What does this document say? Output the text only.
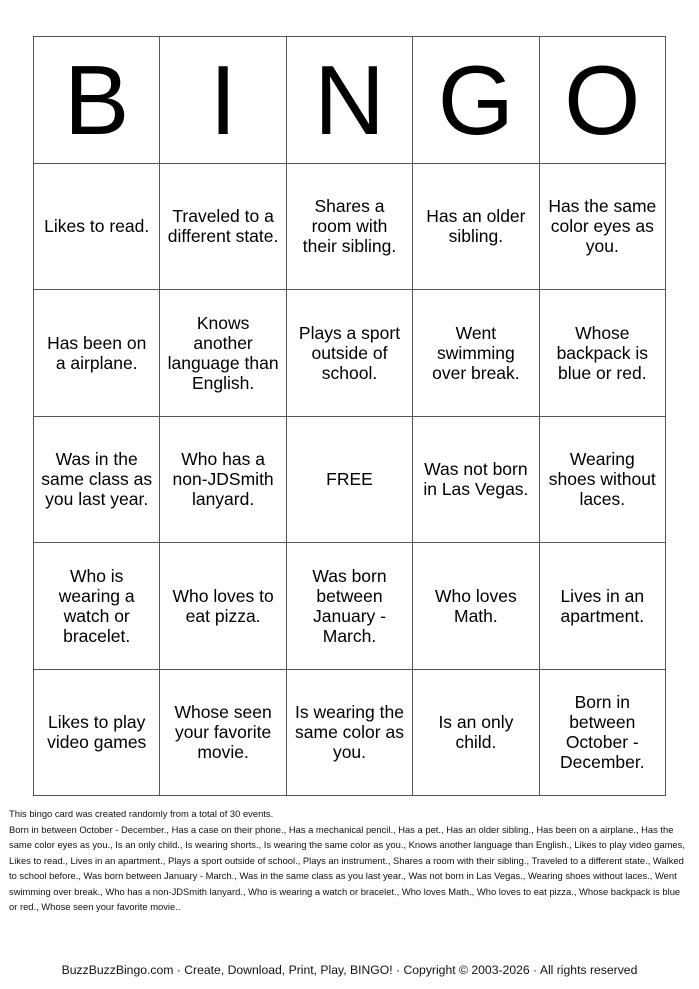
B I N G O
Likes to read.	Traveled to a different state.
Shares a room with their sibling.
Has an older sibling.
Has the same color eyes as you.
Has been on a airplane.
Knows another language than English.
Plays a sport outside of school.
Went swimming over break.
Whose backpack is blue or red.
Was in the same class as you last year.
Who has a non-JDSmith lanyard.
FREE	Was not born in Las Vegas.
Wearing shoes without laces.
Who is wearing a watch or bracelet.
Who loves to eat pizza.
Was born between January - March.
Who loves Math.
Lives in an apartment.
Likes to play video games
Whose seen your favorite movie.
Is wearing the same color as you.
Is an only child.
Born in between October - December.

This bingo card was created randomly from a total of 30 events.

Born in between October - December., Has a case on their phone., Has a mechanical pencil., Has a pet., Has an older sibling., Has been on a airplane., Has the same color eyes as you., Is an only child., Is wearing shorts., Is wearing the same color as you., Knows another language than English., Likes to play video games, Likes to read., Lives in an apartment., Plays a sport outside of school., Plays an instrument., Shares a room with their sibling., Traveled to a different state., Walked to school before., Was born between January - March., Was in the same class as you last year., Was not born in Las Vegas., Wearing shoes without laces., Went swimming over break., Who has a non-JDSmith lanyard., Who is wearing a watch or bracelet., Who loves Math., Who loves to eat pizza., Whose backpack is blue or red., Whose seen your favorite movie..

BuzzBuzzBingo.com · Create, Download, Print, Play, BINGO! · Copyright © 2003-2026 · All rights reserved
